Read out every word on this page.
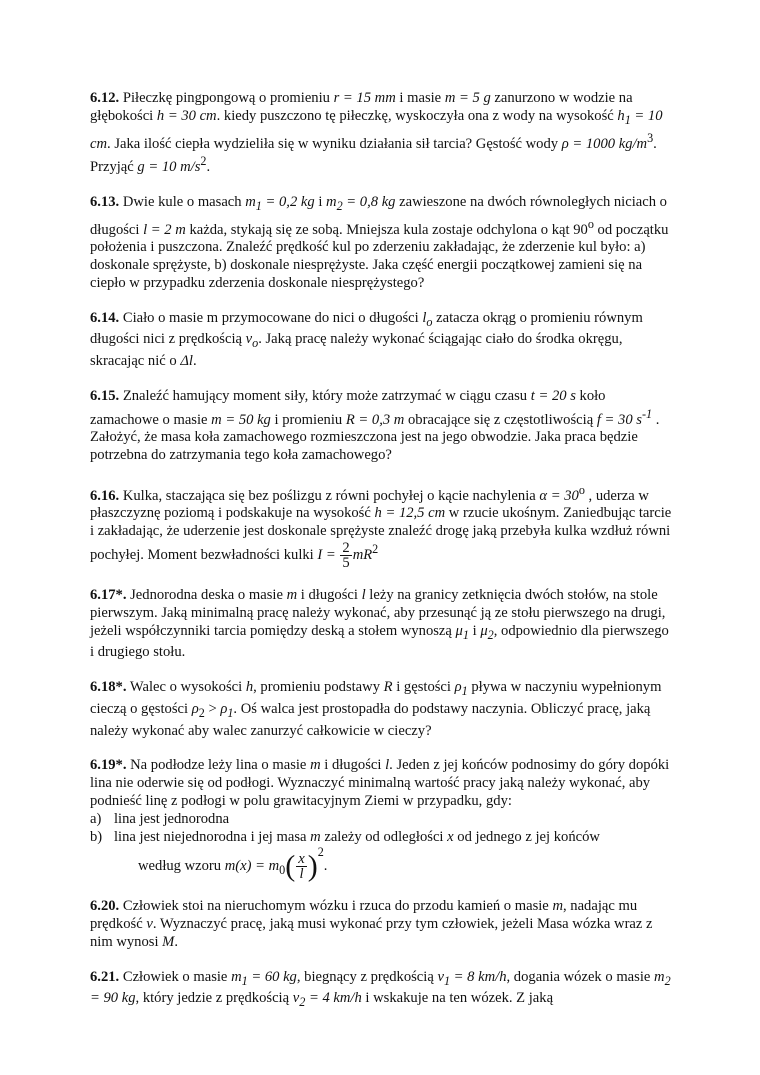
6.12. Piłeczkę pingpongową o promieniu r = 15 mm i masie m = 5 g zanurzono w wodzie na głębokości h = 30 cm. kiedy puszczono tę piłeczkę, wyskoczyła ona z wody na wysokość $h_1 = 10$ cm. Jaka ilość ciepła wydzieliła się w wyniku działania sił tarcia? Gęstość wody ρ = 1000 $kg/m^3$. Przyjąć g = 10 $m/s^2$.

6.13. Dwie kule o masach $m_1 = 0,2$ kg i $m_2 = 0,8$ kg zawieszone na dwóch równoległych niciach o długości l = 2 m każda, stykają się ze sobą. Mniejsza kula zostaje odchylona o kąt 90$^o$ od początku położenia i puszczona. Znaleźć prędkość kul po zderzeniu zakładając, że zderzenie kul było: a) doskonale sprężyste, b) doskonale niesprężyste. Jaka część energii początkowej zamieni się na ciepło w przypadku zderzenia doskonale niesprężystego?

6.14. Ciało o masie m przymocowane do nici o długości $l_o$ zatacza okrąg o promieniu równym długości nici z prędkością $v_o$. Jaką pracę należy wykonać ściągając ciało do środka okręgu, skracając nić o Δl.

6.15. Znaleźć hamujący moment siły, który może zatrzymać w ciągu czasu t = 20 s koło zamachowe o masie m = 50 kg i promieniu R = 0,3 m obracające się z częstotliwością f = 30 $s^{-1}$ . Założyć, że masa koła zamachowego rozmieszczona jest na jego obwodzie. Jaka praca będzie potrzebna do zatrzymania tego koła zamachowego?

6.16. Kulka, staczająca się bez poślizgu z równi pochyłej o kącie nachylenia $\alpha = 30^o$ , uderza w płaszczyznę poziomą i podskakuje na wysokość h = 12,5 cm w rzucie ukośnym. Zaniedbując tarcie i zakładając, że uderzenie jest doskonale sprężyste znaleźć drogę jaką przebyła kulka wzdłuż równi pochyłej. Moment bezwładności kulki $I = \frac{2}{5} mR^2$

6.17*. Jednorodna deska o masie m i długości l leży na granicy zetknięcia dwóch stołów, na stole pierwszym. Jaką minimalną pracę należy wykonać, aby przesunąć ją ze stołu pierwszego na drugi, jeżeli współczynniki tarcia pomiędzy deską a stołem wynoszą $\mu_1$ i $\mu_2$, odpowiednio dla pierwszego i drugiego stołu.

6.18*. Walec o wysokości h, promieniu podstawy R i gęstości $\rho_1$ pływa w naczyniu wypełnionym cieczą o gęstości $\rho_2 > \rho_1$. Oś walca jest prostopadła do podstawy naczynia. Obliczyć pracę, jaką należy wykonać aby walec zanurzyć całkowicie w cieczy?

6.19*. Na podłodze leży lina o masie m i długości l. Jeden z jej końców podnosimy do góry dopóki lina nie oderwie się od podłogi. Wyznaczyć minimalną wartość pracy jaką należy wykonać, aby podnieść linę z podłogi w polu grawitacyjnym Ziemi w przypadku, gdy:

a) lina jest jednorodna
b) lina jest niejednorodna i jej masa m zależy od odległości x od jednego z jej końców

według wzoru $m(x) = m_0( \frac{x}{l} )^2$.

6.20. Człowiek stoi na nieruchomym wózku i rzuca do przodu kamień o masie m, nadając mu prędkość v. Wyznaczyć pracę, jaką musi wykonać przy tym człowiek, jeżeli Masa wózka wraz z nim wynosi M.

6.21. Człowiek o masie $m_1 = 60$ kg, biegnący z prędkością $v_1 = 8$ km/h, dogania wózek o masie $m_2 = 90$ kg, który jedzie z prędkością $v_2 = 4$ km/h i wskakuje na ten wózek. Z jaką
